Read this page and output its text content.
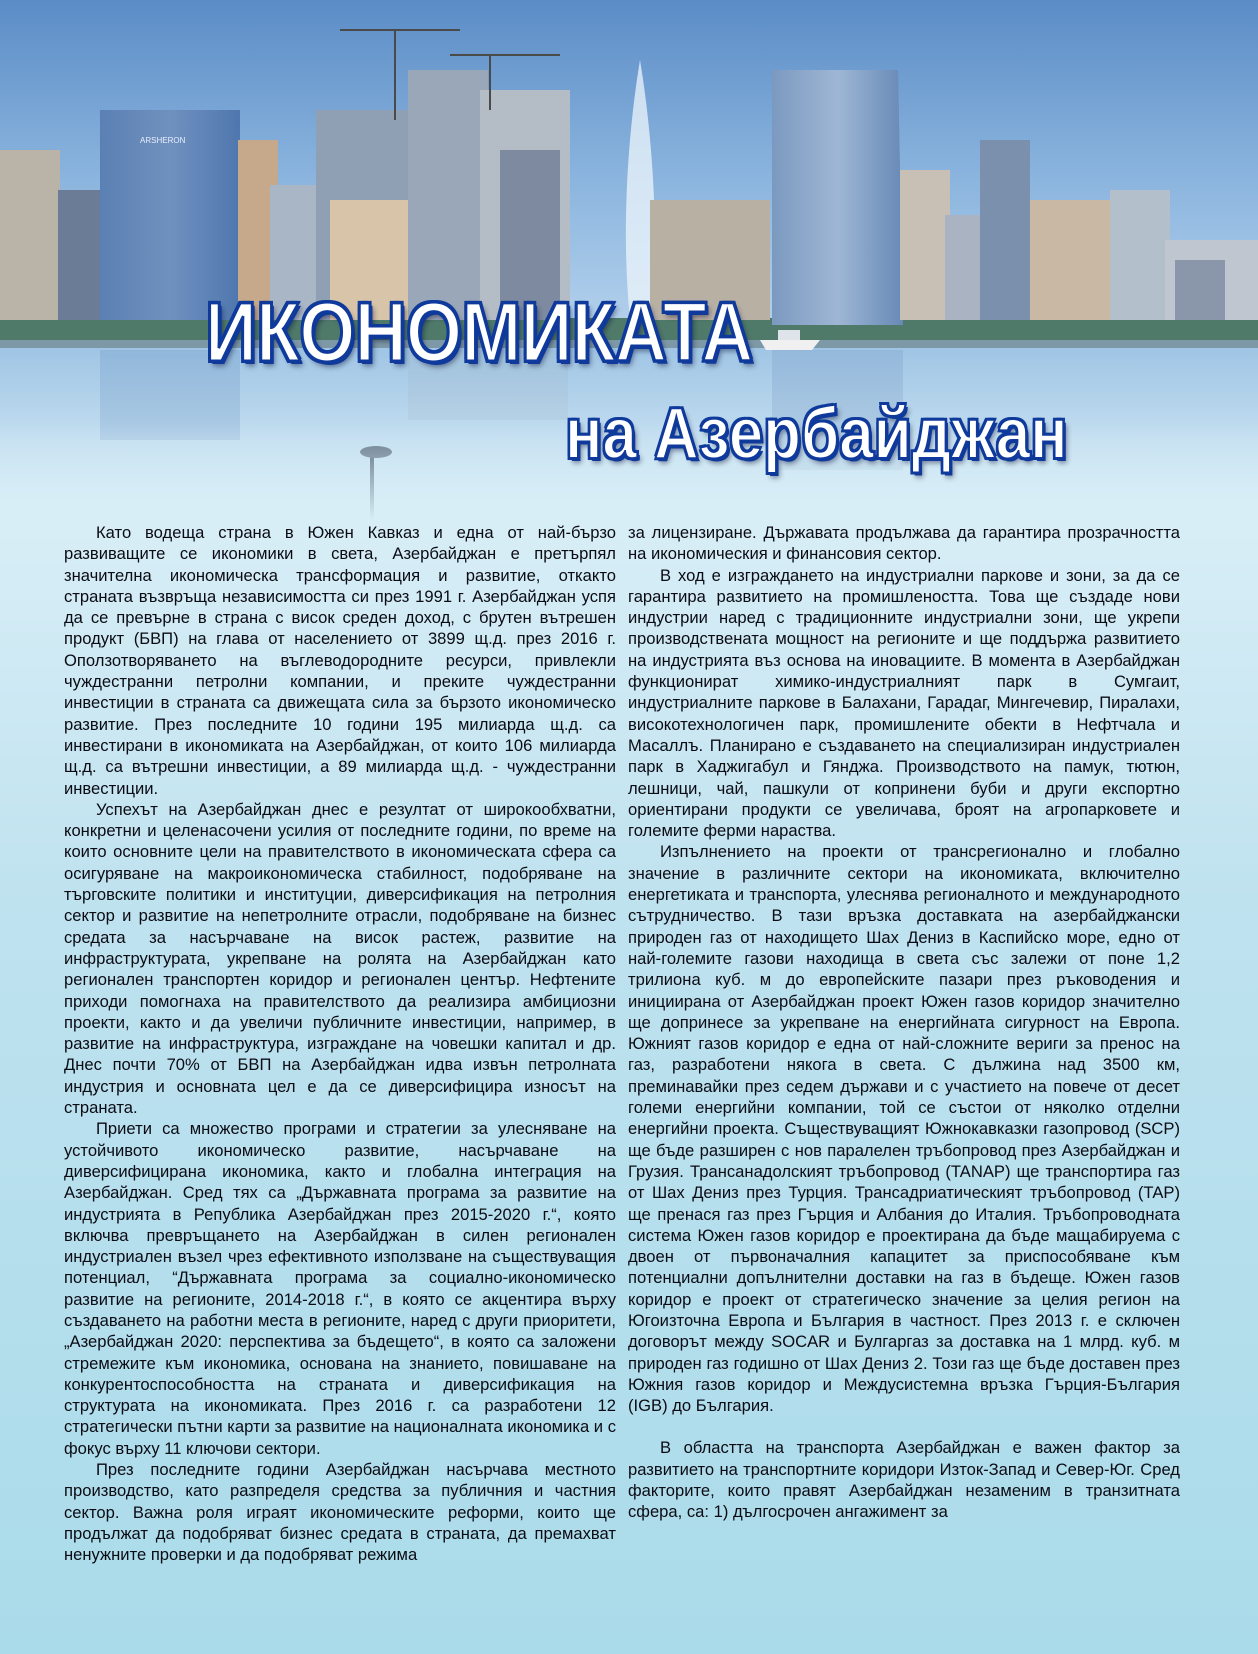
ARSHERON
ИКОНОМИКАТА
на Азербайджан

Като водеща страна в Южен Кавказ и една от най-бързо развиващите се икономики в света, Азербайджан е претърпял значителна икономическа трансформация и развитие, откакто страната възвръща независимостта си през 1991 г. Азербайджан успя да се превърне в страна с висок среден доход, с брутен вътрешен продукт (БВП) на глава от населението от 3899 щ.д. през 2016 г. Оползотворяването на въглеводородните ресурси, привлекли чуждестранни петролни компании, и преките чуждестранни инвестиции в страната са движещата сила за бързото икономическо развитие. През последните 10 години 195 милиарда щ.д. са инвестирани в икономиката на Азербайджан, от които 106 милиарда щ.д. са вътрешни инвестиции, а 89 милиарда щ.д. - чуждестранни инвестиции.

Успехът на Азербайджан днес е резултат от широкообхватни, конкретни и целенасочени усилия от последните години, по време на които основните цели на правителството в икономическата сфера са осигуряване на макроикономическа стабилност, подобряване на търговските политики и институции, диверсификация на петролния сектор и развитие на непетролните отрасли, подобряване на бизнес средата за насърчаване на висок растеж, развитие на инфраструктурата, укрепване на ролята на Азербайджан като регионален транспортен коридор и регионален център. Нефтените приходи помогнаха на правителството да реализира амбициозни проекти, както и да увеличи публичните инвестиции, например, в развитие на инфраструктура, изграждане на човешки капитал и др. Днес почти 70% от БВП на Азербайджан идва извън петролната индустрия и основната цел е да се диверсифицира износът на страната.

Приети са множество програми и стратегии за улесняване на устойчивото икономическо развитие, насърчаване на диверсифицирана икономика, както и глобална интеграция на Азербайджан. Сред тях са „Държавната програма за развитие на индустрията в Република Азербайджан през 2015-2020 г.“, която включва превръщането на Азербайджан в силен регионален индустриален възел чрез ефективното използване на съществуващия потенциал, “Държавната програма за социално-икономическо развитие на регионите, 2014-2018 г.“, в която се акцентира върху създаването на работни места в регионите, наред с други приоритети, „Азербайджан 2020: перспектива за бъдещето“, в която са заложени стремежите към икономика, основана на знанието, повишаване на конкурентоспособността на страната и диверсификация на структурата на икономиката. През 2016 г. са разработени 12 стратегически пътни карти за развитие на националната икономика и с фокус върху 11 ключови сектори.

През последните години Азербайджан насърчава местното производство, като разпределя средства за публичния и частния сектор. Важна роля играят икономическите реформи, които ще продължат да подобряват бизнес средата в страната, да премахват ненужните проверки и да подобряват режима

за лицензиране. Държавата продължава да гарантира прозрачността на икономическия и финансовия сектор.

В ход е изграждането на индустриални паркове и зони, за да се гарантира развитието на промишлеността. Това ще създаде нови индустрии наред с традиционните индустриални зони, ще укрепи производствената мощност на регионите и ще поддържа развитието на индустрията въз основа на иновациите. В момента в Азербайджан функционират химико-индустриалният парк в Сумгаит, индустриалните паркове в Балахани, Гарадаг, Мингечевир, Пиралахи, високотехнологичен парк, промишлените обекти в Нефтчала и Масаллъ. Планирано е създаването на специализиран индустриален парк в Хаджигабул и Гянджа. Производството на памук, тютюн, лешници, чай, пашкули от копринени буби и други експортно ориентирани продукти се увеличава, броят на агропарковете и големите ферми нараства.

Изпълнението на проекти от трансрегионално и глобално значение в различните сектори на икономиката, включително енергетиката и транспорта, улеснява регионалното и международното сътрудничество. В тази връзка доставката на азербайджански природен газ от находището Шах Дениз в Каспийско море, едно от най-големите газови находища в света със залежи от поне 1,2 трилиона куб. м до европейските пазари през ръководения и инициирана от Азербайджан проект Южен газов коридор значително ще допринесе за укрепване на енергийната сигурност на Европа. Южният газов коридор е една от най-сложните вериги за пренос на газ, разработени някога в света. С дължина над 3500 км, преминавайки през седем държави и с участието на повече от десет големи енергийни компании, той се състои от няколко отделни енергийни проекта. Съществуващият Южнокавказки газопровод (SCP) ще бъде разширен с нов паралелен тръбопровод през Азербайджан и Грузия. Трансанадолският тръбопровод (TANAP) ще транспортира газ от Шах Дениз през Турция. Трансадриатическият тръбопровод (TAP) ще пренася газ през Гърция и Албания до Италия. Тръбопроводната система Южен газов коридор е проектирана да бъде мащабируема с двоен от първоначалния капацитет за приспособяване към потенциални допълнителни доставки на газ в бъдеще. Южен газов коридор е проект от стратегическо значение за целия регион на Югоизточна Европа и България в частност. През 2013 г. е сключен договорът между SOCAR и Булгаргаз за доставка на 1 млрд. куб. м природен газ годишно от Шах Дениз 2. Този газ ще бъде доставен през Южния газов коридор и Междусистемна връзка Гърция-България (IGB) до България.

В областта на транспорта Азербайджан е важен фактор за развитието на транспортните коридори Изток-Запад и Север-Юг. Сред факторите, които правят Азербайджан незаменим в транзитната сфера, са: 1) дългосрочен ангажимент за
